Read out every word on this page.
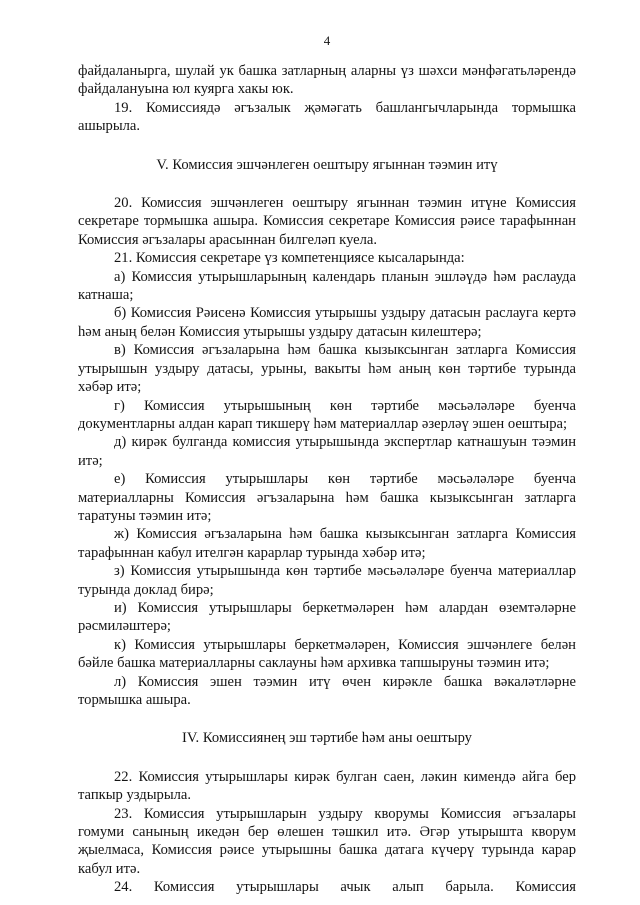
4

файдаланырга, шулай ук башка затларның аларны үз шәхси мәнфәгатьләрендә файдалануына юл куярга хакы юк.

19. Комиссиядә әгъзалык җәмәгать башлангычларында тормышка ашырыла.

V. Комиссия эшчәнлеген оештыру ягыннан тәэмин итү

20. Комиссия эшчәнлеген оештыру ягыннан тәэмин итүне Комиссия секретаре тормышка ашыра. Комиссия секретаре Комиссия рәисе тарафыннан Комиссия әгъзалары арасыннан билгеләп куела.

21. Комиссия секретаре үз компетенциясе кысаларында:

а) Комиссия утырышларының календарь планын эшләүдә һәм раслауда катнаша;

б) Комиссия Рәисенә Комиссия утырышы уздыру датасын раслауга кертә һәм аның белән Комиссия утырышы уздыру датасын килештерә;

в) Комиссия әгъзаларына һәм башка кызыксынган затларга Комиссия утырышын уздыру датасы, урыны, вакыты һәм аның көн тәртибе турында хәбәр итә;

г) Комиссия утырышының көн тәртибе мәсьәләләре буенча документларны алдан карап тикшерү һәм материаллар әзерләү эшен оештыра;

д) кирәк булганда комиссия утырышында экспертлар катнашуын тәэмин итә;

е) Комиссия утырышлары көн тәртибе мәсьәләләре буенча материалларны Комиссия әгъзаларына һәм башка кызыксынган затларга таратуны тәэмин итә;

ж) Комиссия әгъзаларына һәм башка кызыксынган затларга Комиссия тарафыннан кабул ителгән карарлар турында хәбәр итә;

з) Комиссия утырышында көн тәртибе мәсьәләләре буенча материаллар турында доклад бирә;

и) Комиссия утырышлары беркетмәләрен һәм алардан өземтәләрне рәсмиләштерә;

к) Комиссия утырышлары беркетмәләрен, Комиссия эшчәнлеге белән бәйле башка материалларны саклауны һәм архивка тапшыруны тәэмин итә;

л) Комиссия эшен тәэмин итү өчен кирәкле башка вәкаләтләрне тормышка ашыра.

IV. Комиссиянең эш тәртибе һәм аны оештыру

22. Комиссия утырышлары кирәк булган саен, ләкин кимендә айга бер тапкыр уздырыла.

23. Комиссия утырышларын уздыру кворумы Комиссия әгъзалары гомуми санының икедән бер өлешен тәшкил итә. Әгәр утырышта кворум җыелмаса, Комиссия рәисе утырышны башка датага күчерү турында карар кабул итә.

24. Комиссия утырышлары ачык алып барыла. Комиссия
